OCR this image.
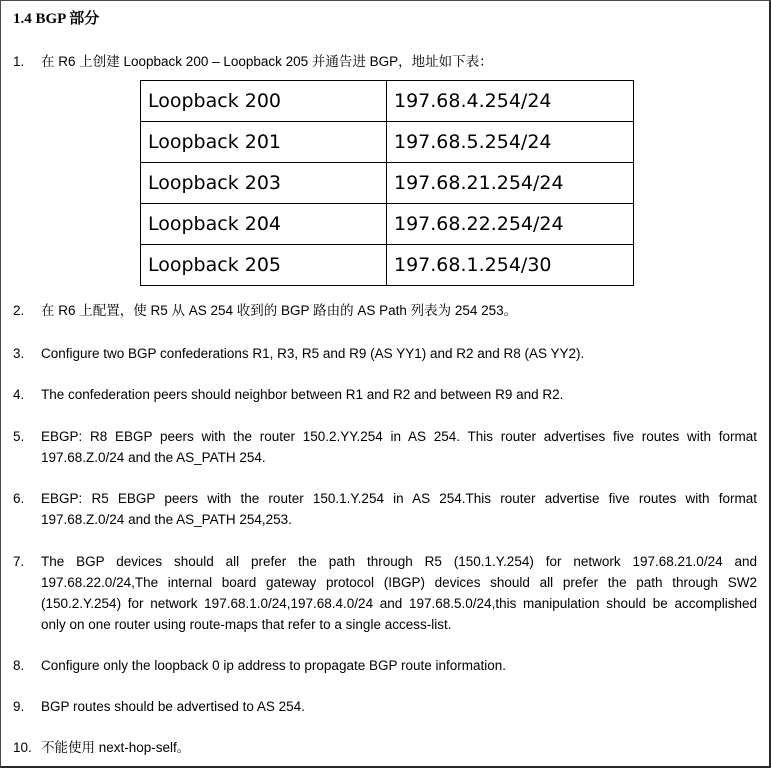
1.4 BGP 部分
1.	在 R6 上创建 Loopback 200 – Loopback 205 并通告进 BGP，地址如下表：
Loopback 200	197.68.4.254/24
Loopback 201	197.68.5.254/24
Loopback 203	197.68.21.254/24
Loopback 204	197.68.22.254/24
Loopback 205	197.68.1.254/30
2.	在 R6 上配置，使 R5 从 AS 254 收到的 BGP 路由的 AS Path 列表为 254 253。
3.	Configure two BGP confederations R1, R3, R5 and R9 (AS YY1) and R2 and R8 (AS YY2).
4.	The confederation peers should neighbor between R1 and R2 and between R9 and R2.
5.	EBGP: R8 EBGP peers with the router 150.2.YY.254 in AS 254. This router advertises five routes with format 197.68.Z.0/24 and the AS_PATH 254.
6.	EBGP: R5 EBGP peers with the router 150.1.Y.254 in AS 254.This router advertise five routes with format 197.68.Z.0/24 and the AS_PATH 254,253.
7.	The BGP devices should all prefer the path through R5 (150.1.Y.254) for network 197.68.21.0/24 and 197.68.22.0/24,The internal board gateway protocol (IBGP) devices should all prefer the path through SW2 (150.2.Y.254) for network 197.68.1.0/24,197.68.4.0/24 and 197.68.5.0/24,this manipulation should be accomplished only on one router using route-maps that refer to a single access-list.
8.	Configure only the loopback 0 ip address to propagate BGP route information.
9.	BGP routes should be advertised to AS 254.
10. 不能使用 next-hop-self。
